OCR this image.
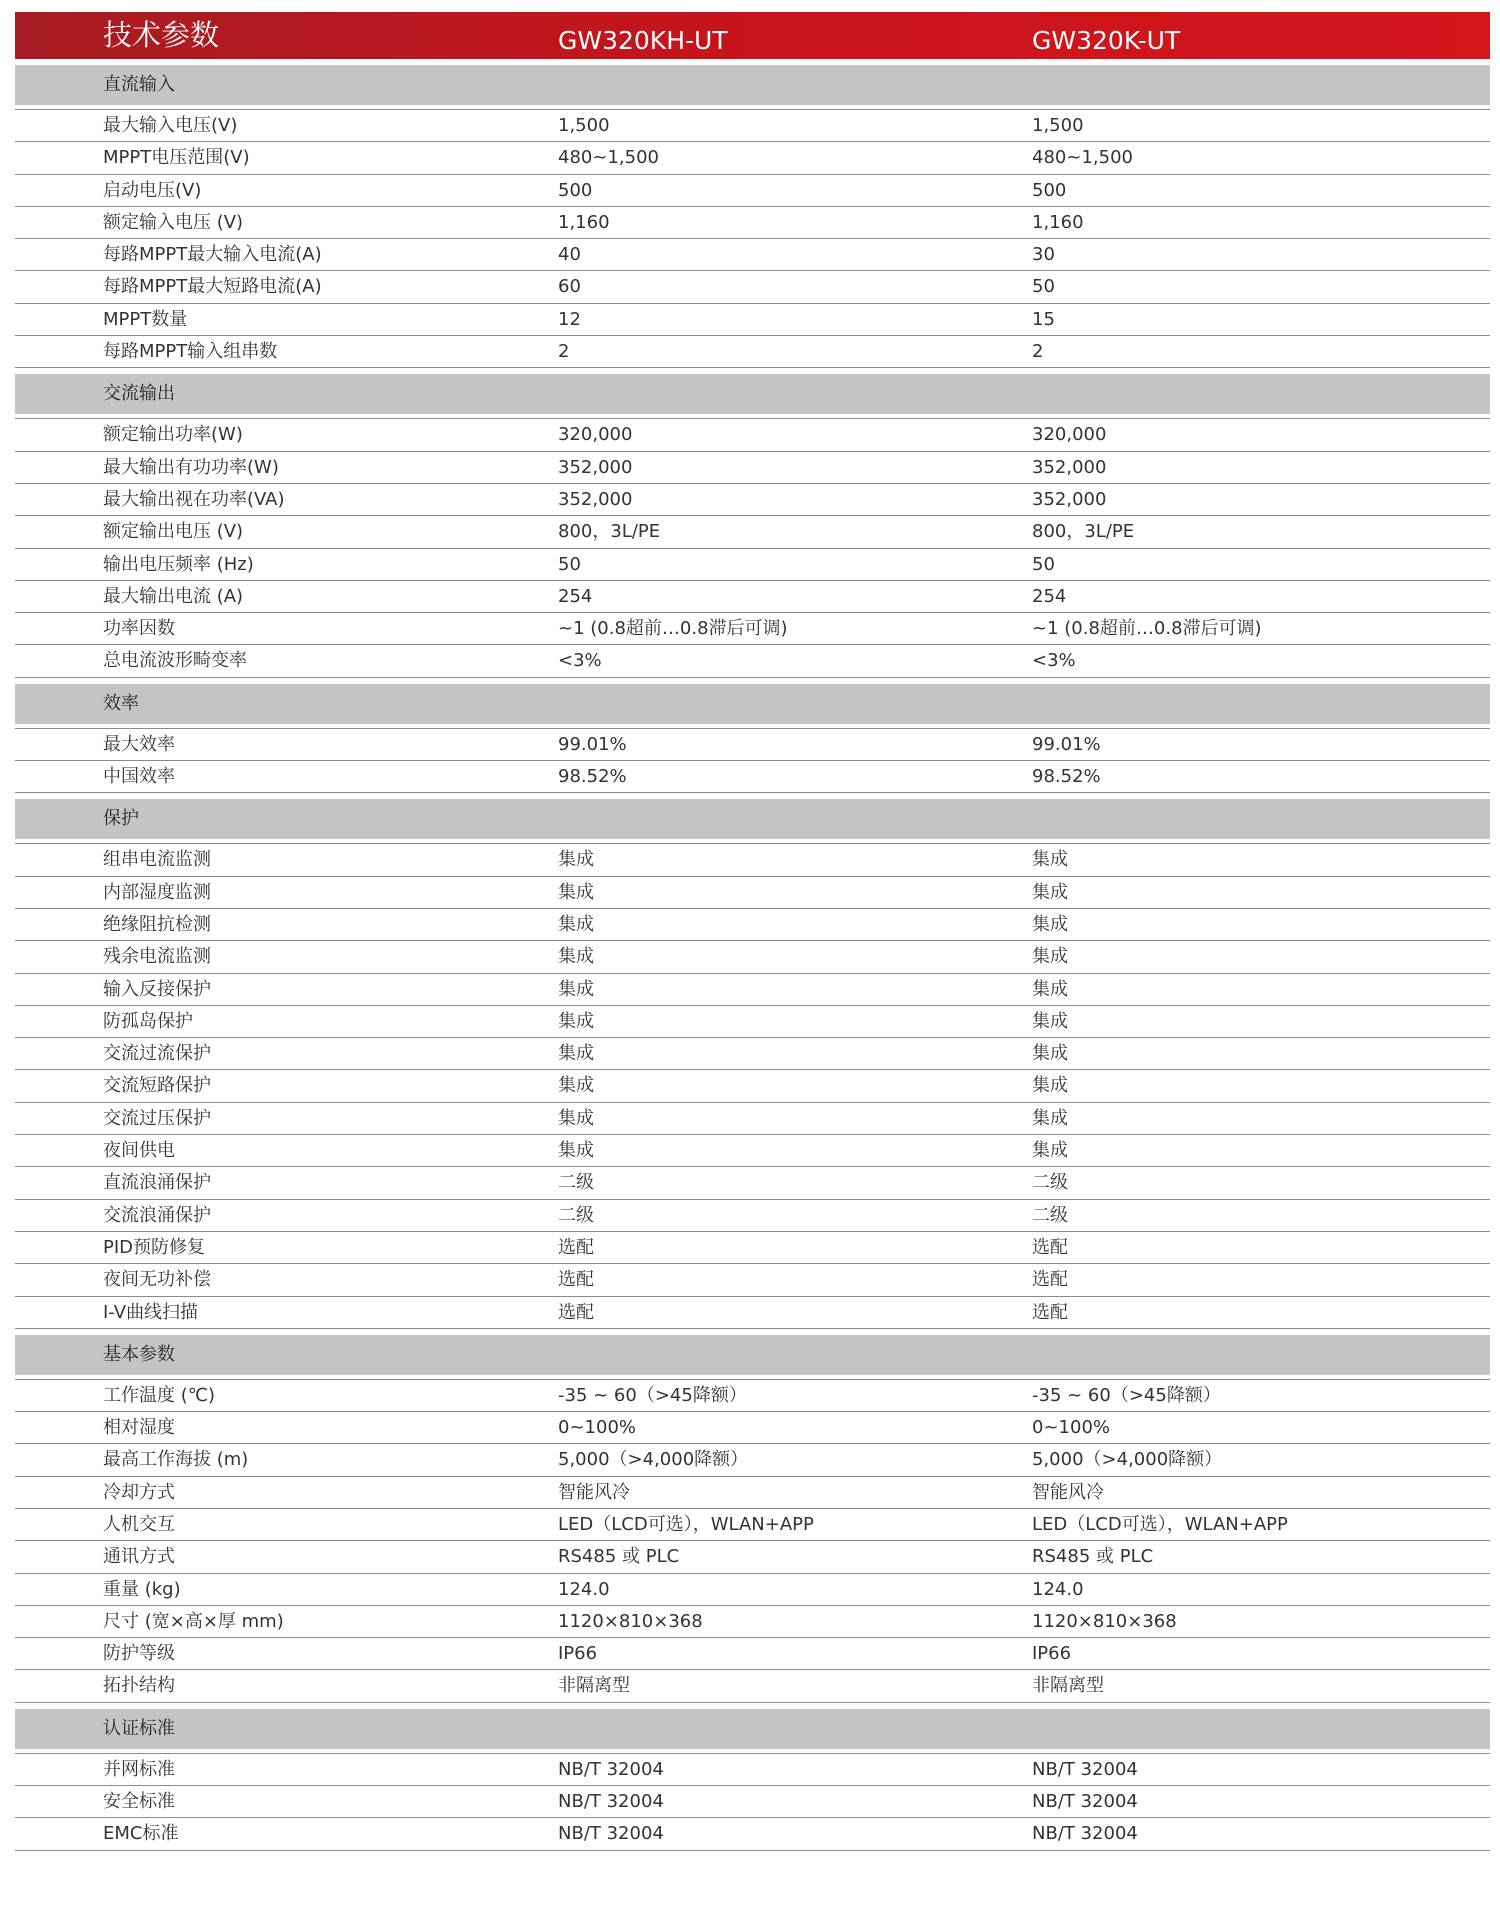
技术参数	GW320KH-UT	GW320K-UT
直流输入
最大输入电压(V)	1,500	1,500
MPPT电压范围(V)	480~1,500	480~1,500
启动电压(V)	500	500
额定输入电压 (V)	1,160	1,160
每路MPPT最大输入电流(A)	40	30
每路MPPT最大短路电流(A)	60	50
MPPT数量	12	15
每路MPPT输入组串数	2	2
交流输出
额定输出功率(W)	320,000	320,000
最大输出有功功率(W)	352,000	352,000
最大输出视在功率(VA)	352,000	352,000
额定输出电压 (V)	800，3L/PE	800，3L/PE
输出电压频率 (Hz)	50	50
最大输出电流 (A)	254	254
功率因数	~1 (0.8超前…0.8滞后可调)	~1 (0.8超前…0.8滞后可调)
总电流波形畸变率	<3%	<3%
效率
最大效率	99.01%	99.01%
中国效率	98.52%	98.52%
保护
组串电流监测	集成	集成
内部湿度监测	集成	集成
绝缘阻抗检测	集成	集成
残余电流监测	集成	集成
输入反接保护	集成	集成
防孤岛保护	集成	集成
交流过流保护	集成	集成
交流短路保护	集成	集成
交流过压保护	集成	集成
夜间供电	集成	集成
直流浪涌保护	二级	二级
交流浪涌保护	二级	二级
PID预防修复	选配	选配
夜间无功补偿	选配	选配
I-V曲线扫描	选配	选配
基本参数
工作温度 (℃)	-35 ~ 60（>45降额）	-35 ~ 60（>45降额）
相对湿度	0~100%	0~100%
最高工作海拔 (m)	5,000（>4,000降额）	5,000（>4,000降额）
冷却方式	智能风冷	智能风冷
人机交互	LED（LCD可选），WLAN+APP	LED（LCD可选），WLAN+APP
通讯方式	RS485 或 PLC	RS485 或 PLC
重量 (kg)	124.0	124.0
尺寸 (宽×高×厚 mm)	1120×810×368	1120×810×368
防护等级	IP66	IP66
拓扑结构	非隔离型	非隔离型
认证标准
并网标准	NB/T 32004	NB/T 32004
安全标准	NB/T 32004	NB/T 32004
EMC标准	NB/T 32004	NB/T 32004
